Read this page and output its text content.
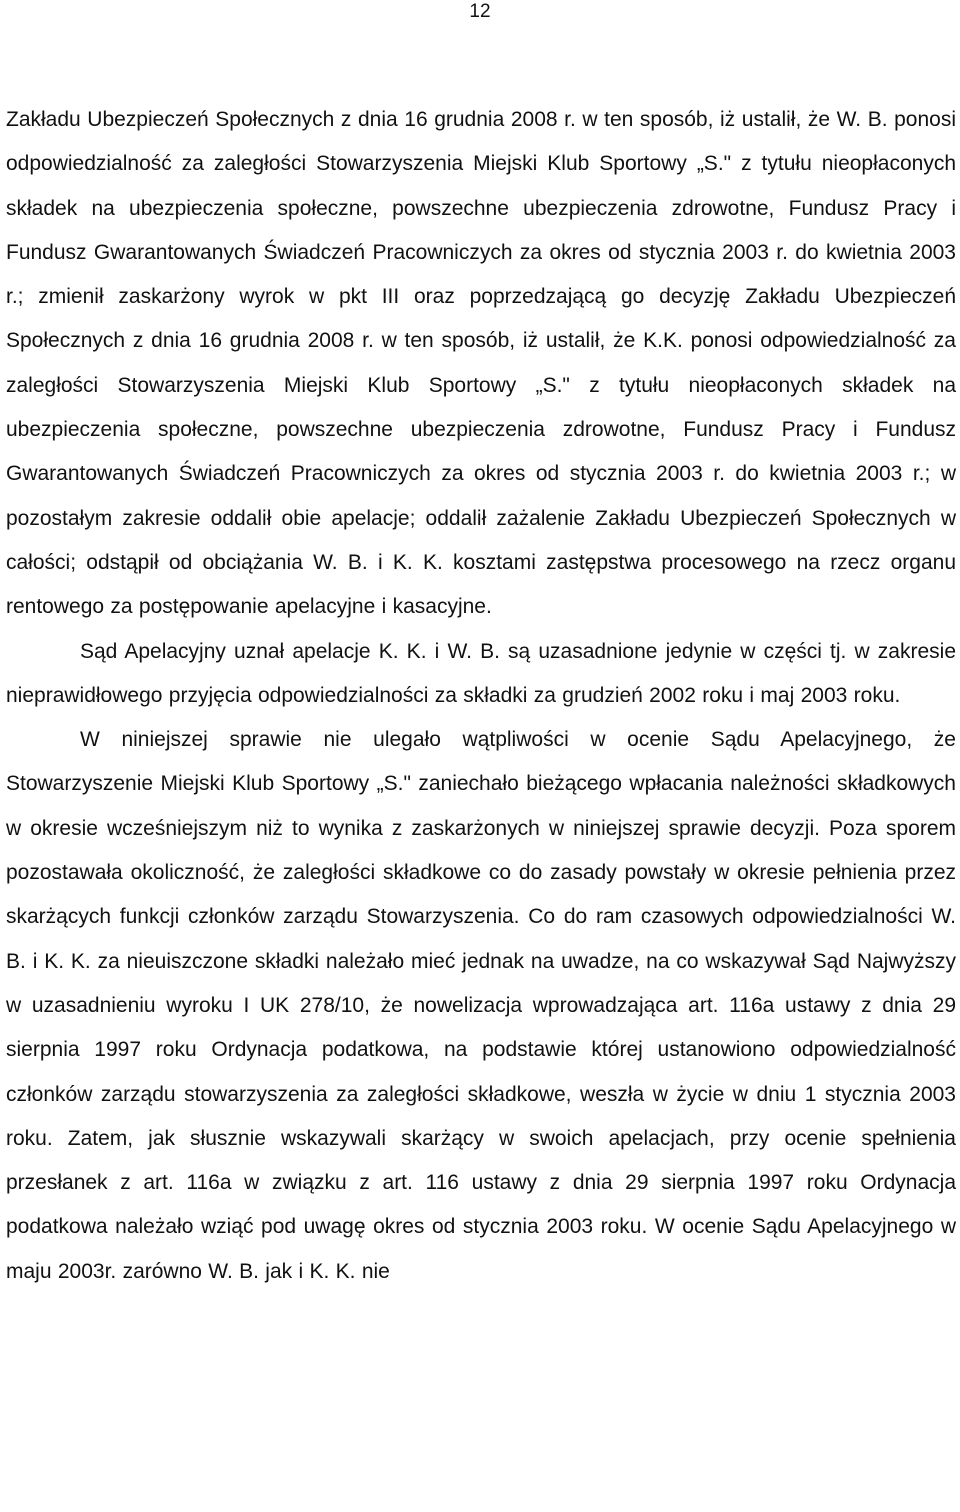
12

Zakładu Ubezpieczeń Społecznych z dnia 16 grudnia 2008 r. w ten sposób, iż ustalił, że W. B. ponosi odpowiedzialność za zaległości Stowarzyszenia Miejski Klub Sportowy „S." z tytułu nieopłaconych składek na ubezpieczenia społeczne, powszechne ubezpieczenia zdrowotne, Fundusz Pracy i Fundusz Gwarantowanych Świadczeń Pracowniczych za okres od stycznia 2003 r. do kwietnia 2003 r.; zmienił zaskarżony wyrok w pkt III oraz poprzedzającą go decyzję Zakładu Ubezpieczeń Społecznych z dnia 16 grudnia 2008 r. w ten sposób, iż ustalił, że K.K. ponosi odpowiedzialność za zaległości Stowarzyszenia Miejski Klub Sportowy „S." z tytułu nieopłaconych składek na ubezpieczenia społeczne, powszechne ubezpieczenia zdrowotne, Fundusz Pracy i Fundusz Gwarantowanych Świadczeń Pracowniczych za okres od stycznia 2003 r. do kwietnia 2003 r.; w pozostałym zakresie oddalił obie apelacje; oddalił zażalenie Zakładu Ubezpieczeń Społecznych w całości; odstąpił od obciążania W. B. i K. K. kosztami zastępstwa procesowego na rzecz organu rentowego za postępowanie apelacyjne i kasacyjne.

Sąd Apelacyjny uznał apelacje K. K. i W. B. są uzasadnione jedynie w części tj. w zakresie nieprawidłowego przyjęcia odpowiedzialności za składki za grudzień 2002 roku i maj 2003 roku.

W niniejszej sprawie nie ulegało wątpliwości w ocenie Sądu Apelacyjnego, że Stowarzyszenie Miejski Klub Sportowy „S." zaniechało bieżącego wpłacania należności składkowych w okresie wcześniejszym niż to wynika z zaskarżonych w niniejszej sprawie decyzji. Poza sporem pozostawała okoliczność, że zaległości składkowe co do zasady powstały w okresie pełnienia przez skarżących funkcji członków zarządu Stowarzyszenia. Co do ram czasowych odpowiedzialności W. B. i K. K. za nieuiszczone składki należało mieć jednak na uwadze, na co wskazywał Sąd Najwyższy w uzasadnieniu wyroku I UK 278/10, że nowelizacja wprowadzająca art. 116a ustawy z dnia 29 sierpnia 1997 roku Ordynacja podatkowa, na podstawie której ustanowiono odpowiedzialność członków zarządu stowarzyszenia za zaległości składkowe, weszła w życie w dniu 1 stycznia 2003 roku. Zatem, jak słusznie wskazywali skarżący w swoich apelacjach, przy ocenie spełnienia przesłanek z art. 116a w związku z art. 116 ustawy z dnia 29 sierpnia 1997 roku Ordynacja podatkowa należało wziąć pod uwagę okres od stycznia 2003 roku. W ocenie Sądu Apelacyjnego w maju 2003r. zarówno W. B. jak i K. K. nie
